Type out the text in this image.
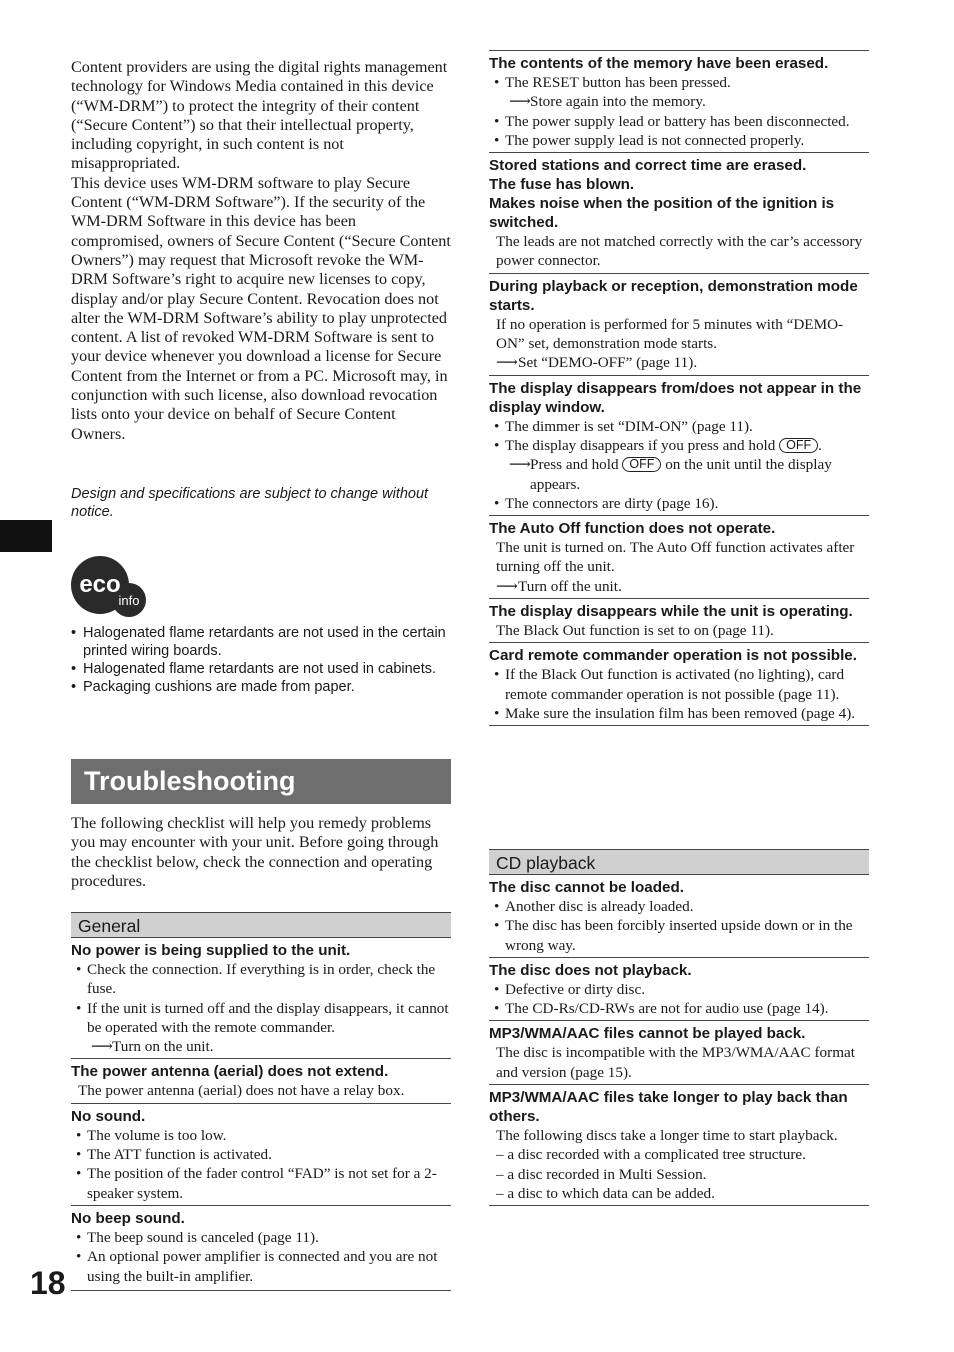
18

Content providers are using the digital rights management technology for Windows Media contained in this device (“WM-DRM”) to protect the integrity of their content (“Secure Content”) so that their intellectual property, including copyright, in such content is not misappropriated.

This device uses WM-DRM software to play Secure Content (“WM-DRM Software”). If the security of the WM-DRM Software in this device has been compromised, owners of Secure Content (“Secure Content Owners”) may request that Microsoft revoke the WM-DRM Software’s right to acquire new licenses to copy, display and/or play Secure Content. Revocation does not alter the WM-DRM Software’s ability to play unprotected content. A list of revoked WM-DRM Software is sent to your device whenever you download a license for Secure Content from the Internet or from a PC. Microsoft may, in conjunction with such license, also download revocation lists onto your device on behalf of Secure Content Owners.

Design and specifications are subject to change without notice.
eco
info
• Halogenated flame retardants are not used in the certain printed wiring boards.
• Halogenated flame retardants are not used in cabinets.
• Packaging cushions are made from paper.
Troubleshooting

The following checklist will help you remedy problems you may encounter with your unit. Before going through the checklist below, check the connection and operating procedures.

General

No power is being supplied to the unit.

• Check the connection. If everything is in order, check the fuse.

• If the unit is turned off and the display disappears, it cannot be operated with the remote commander.

⟶ Turn on the unit.

The power antenna (aerial) does not extend.

The power antenna (aerial) does not have a relay box.

No sound.

• The volume is too low.

• The ATT function is activated.

• The position of the fader control “FAD” is not set for a 2-speaker system.

No beep sound.

• The beep sound is canceled (page 11).

• An optional power amplifier is connected and you are not using the built-in amplifier.

The contents of the memory have been erased.

• The RESET button has been pressed.

⟶ Store again into the memory.

• The power supply lead or battery has been disconnected.

• The power supply lead is not connected properly.

Stored stations and correct time are erased.

The fuse has blown.

Makes noise when the position of the ignition is switched.

The leads are not matched correctly with the car’s accessory power connector.

During playback or reception, demonstration mode starts.

If no operation is performed for 5 minutes with “DEMO-ON” set, demonstration mode starts.

⟶ Set “DEMO-OFF” (page 11).

The display disappears from/does not appear in the display window.

• The dimmer is set “DIM-ON” (page 11).

• The display disappears if you press and hold OFF .

⟶ Press and hold OFF on the unit until the display appears.

• The connectors are dirty (page 16).

The Auto Off function does not operate.

The unit is turned on. The Auto Off function activates after turning off the unit.

⟶ Turn off the unit.

The display disappears while the unit is operating.

The Black Out function is set to on (page 11).

Card remote commander operation is not possible.

• If the Black Out function is activated (no lighting), card remote commander operation is not possible (page 11).

• Make sure the insulation film has been removed (page 4).

CD playback

The disc cannot be loaded.

• Another disc is already loaded.

• The disc has been forcibly inserted upside down or in the wrong way.

The disc does not playback.

• Defective or dirty disc.

• The CD-Rs/CD-RWs are not for audio use (page 14).

MP3/WMA/AAC files cannot be played back.

The disc is incompatible with the MP3/WMA/AAC format and version (page 15).

MP3/WMA/AAC files take longer to play back than others.

The following discs take a longer time to start playback.

– a disc recorded with a complicated tree structure.

– a disc recorded in Multi Session.

– a disc to which data can be added.
